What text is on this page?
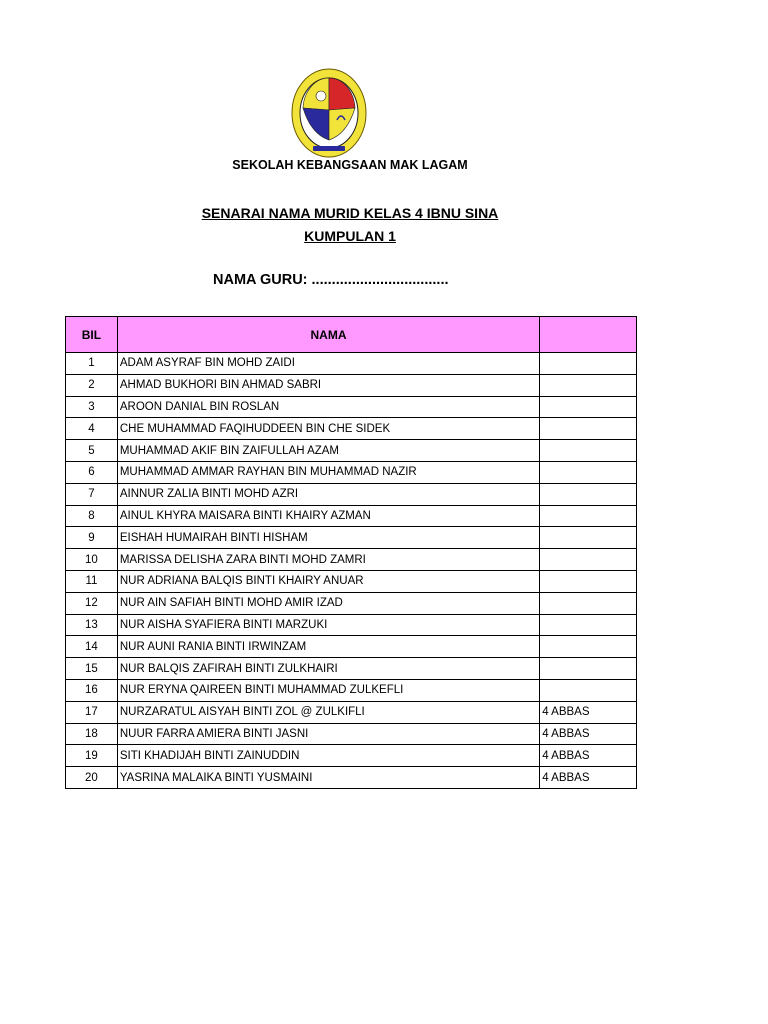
SEKOLAH KEBANGSAAN MAK LAGAM
SENARAI NAMA MURID KELAS 4 IBNU SINA
KUMPULAN 1
NAMA GURU: ..................................
BIL	NAMA	
1	ADAM ASYRAF BIN MOHD ZAIDI	
2	AHMAD BUKHORI BIN AHMAD SABRI	
3	AROON DANIAL BIN ROSLAN	
4	CHE MUHAMMAD FAQIHUDDEEN BIN CHE SIDEK	
5	MUHAMMAD AKIF BIN ZAIFULLAH AZAM	
6	MUHAMMAD AMMAR RAYHAN BIN MUHAMMAD NAZIR	
7	AINNUR ZALIA BINTI MOHD AZRI	
8	AINUL KHYRA MAISARA BINTI KHAIRY AZMAN	
9	EISHAH HUMAIRAH BINTI HISHAM	
10	MARISSA DELISHA ZARA BINTI MOHD ZAMRI	
11	NUR ADRIANA BALQIS BINTI KHAIRY ANUAR	
12	NUR AIN SAFIAH BINTI MOHD AMIR IZAD	
13	NUR AISHA SYAFIERA BINTI MARZUKI	
14	NUR AUNI RANIA BINTI IRWINZAM	
15	NUR BALQIS ZAFIRAH BINTI ZULKHAIRI	
16	NUR ERYNA QAIREEN BINTI MUHAMMAD ZULKEFLI	
17	NURZARATUL AISYAH BINTI ZOL @ ZULKIFLI	4 ABBAS
18	NUUR FARRA AMIERA BINTI JASNI	4 ABBAS
19	SITI KHADIJAH BINTI ZAINUDDIN	4 ABBAS
20	YASRINA MALAIKA BINTI YUSMAINI	4 ABBAS
